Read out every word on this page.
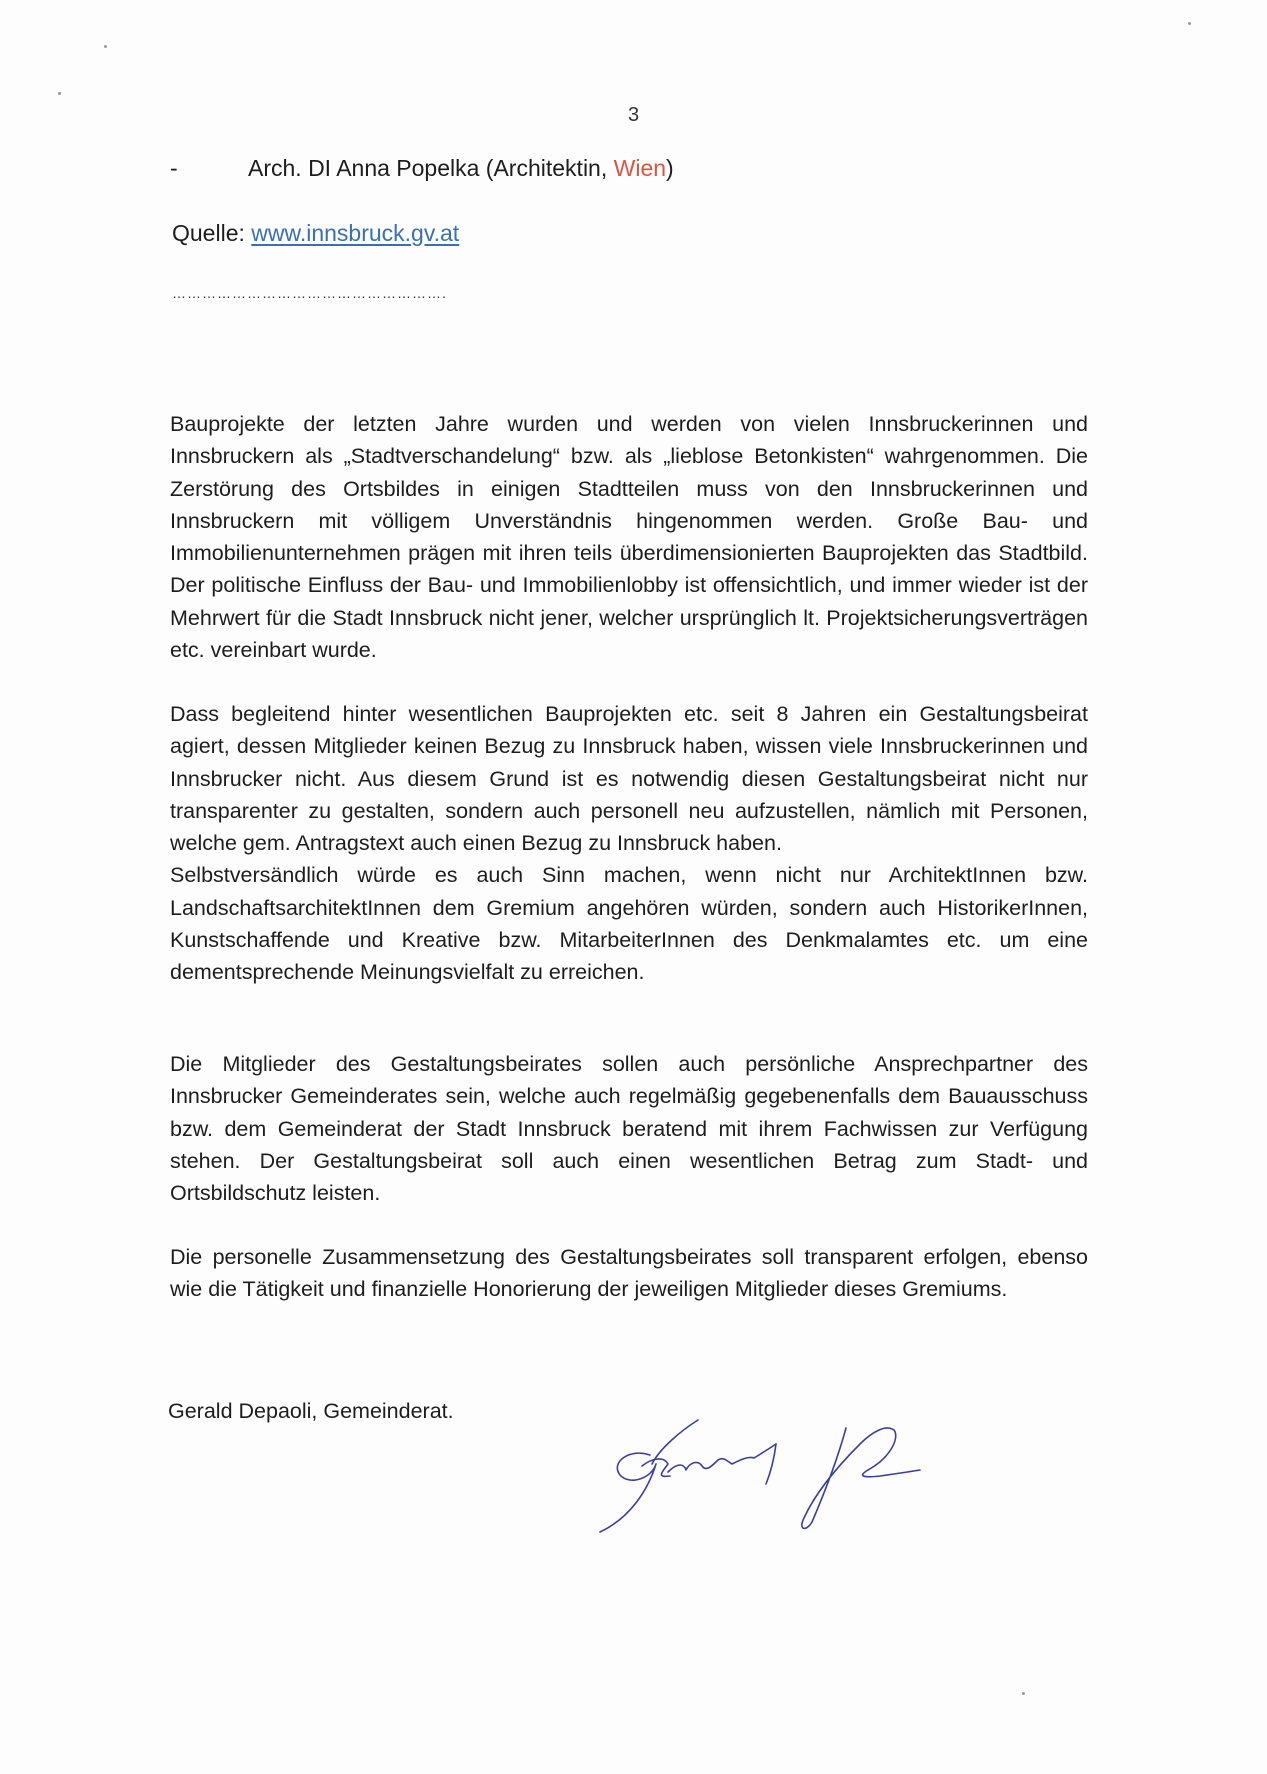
3
-	Arch. DI Anna Popelka (Architektin, Wien)
Quelle: www.innsbruck.gv.at
……………………………………………….

Bauprojekte der letzten Jahre wurden und werden von vielen Innsbruckerinnen und Innsbruckern als „Stadtverschandelung“ bzw. als „lieblose Betonkisten“ wahrgenommen. Die Zerstörung des Ortsbildes in einigen Stadtteilen muss von den Innsbruckerinnen und Innsbruckern mit völligem Unverständnis hingenommen werden. Große Bau- und Immobilienunternehmen prägen mit ihren teils überdimensionierten Bauprojekten das Stadtbild. Der politische Einfluss der Bau- und Immobilienlobby ist offensichtlich, und immer wieder ist der Mehrwert für die Stadt Innsbruck nicht jener, welcher ursprünglich lt. Projektsicherungsverträgen etc. vereinbart wurde.

Dass begleitend hinter wesentlichen Bauprojekten etc. seit 8 Jahren ein Gestaltungsbeirat agiert, dessen Mitglieder keinen Bezug zu Innsbruck haben, wissen viele Innsbruckerinnen und Innsbrucker nicht. Aus diesem Grund ist es notwendig diesen Gestaltungsbeirat nicht nur transparenter zu gestalten, sondern auch personell neu aufzustellen, nämlich mit Personen, welche gem. Antragstext auch einen Bezug zu Innsbruck haben.
Selbstversändlich würde es auch Sinn machen, wenn nicht nur ArchitektInnen bzw. LandschaftsarchitektInnen dem Gremium angehören würden, sondern auch HistorikerInnen, Kunstschaffende und Kreative bzw. MitarbeiterInnen des Denkmalamtes etc. um eine dementsprechende Meinungsvielfalt zu erreichen.

Die Mitglieder des Gestaltungsbeirates sollen auch persönliche Ansprechpartner des Innsbrucker Gemeinderates sein, welche auch regelmäßig gegebenenfalls dem Bauausschuss bzw. dem Gemeinderat der Stadt Innsbruck beratend mit ihrem Fachwissen zur Verfügung stehen. Der Gestaltungsbeirat soll auch einen wesentlichen Betrag zum Stadt- und Ortsbildschutz leisten.

Die personelle Zusammensetzung des Gestaltungsbeirates soll transparent erfolgen, ebenso wie die Tätigkeit und finanzielle Honorierung der jeweiligen Mitglieder dieses Gremiums.

Gerald Depaoli, Gemeinderat.
